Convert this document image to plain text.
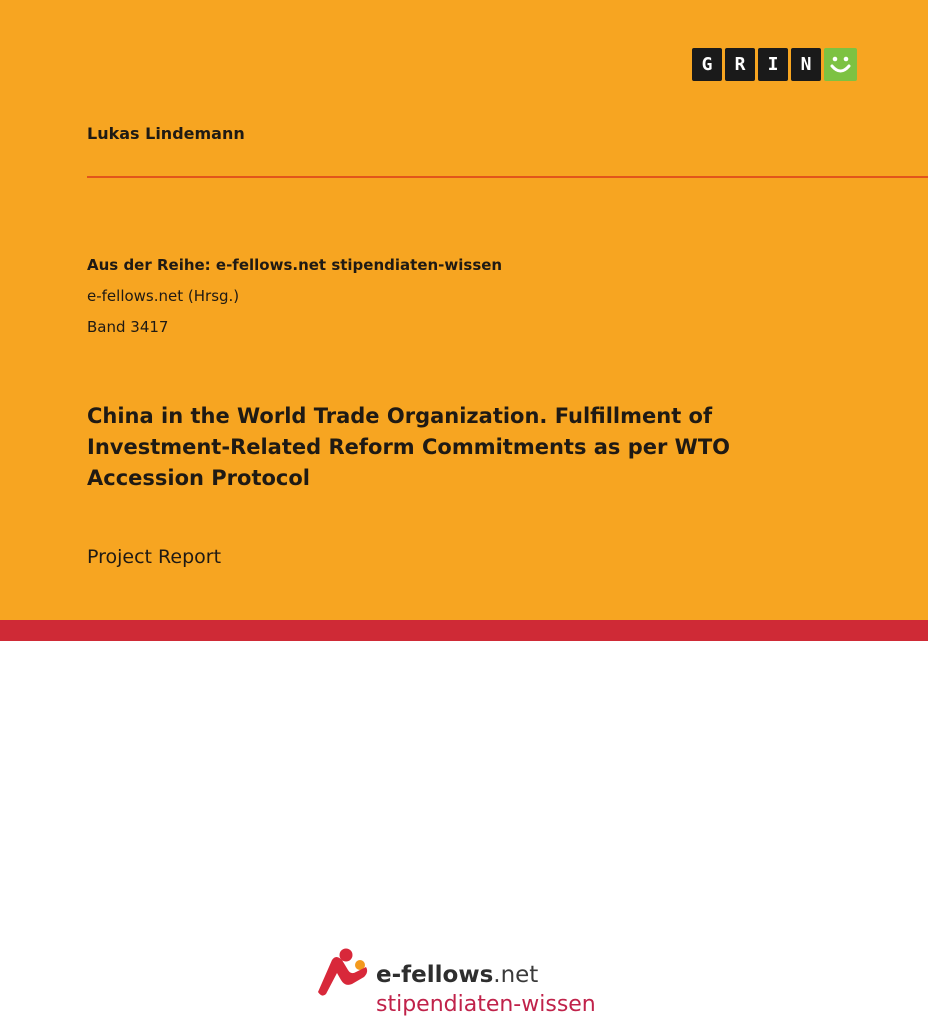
G	R	I	N
Lukas Lindemann
Aus der Reihe: e-fellows.net stipendiaten-wissen
e-fellows.net (Hrsg.)
Band 3417
China in the World Trade Organization. Fulfillment of Investment-Related Reform Commitments as per WTO Accession Protocol
Project Report
e-fellows.net
stipendiaten-wissen
